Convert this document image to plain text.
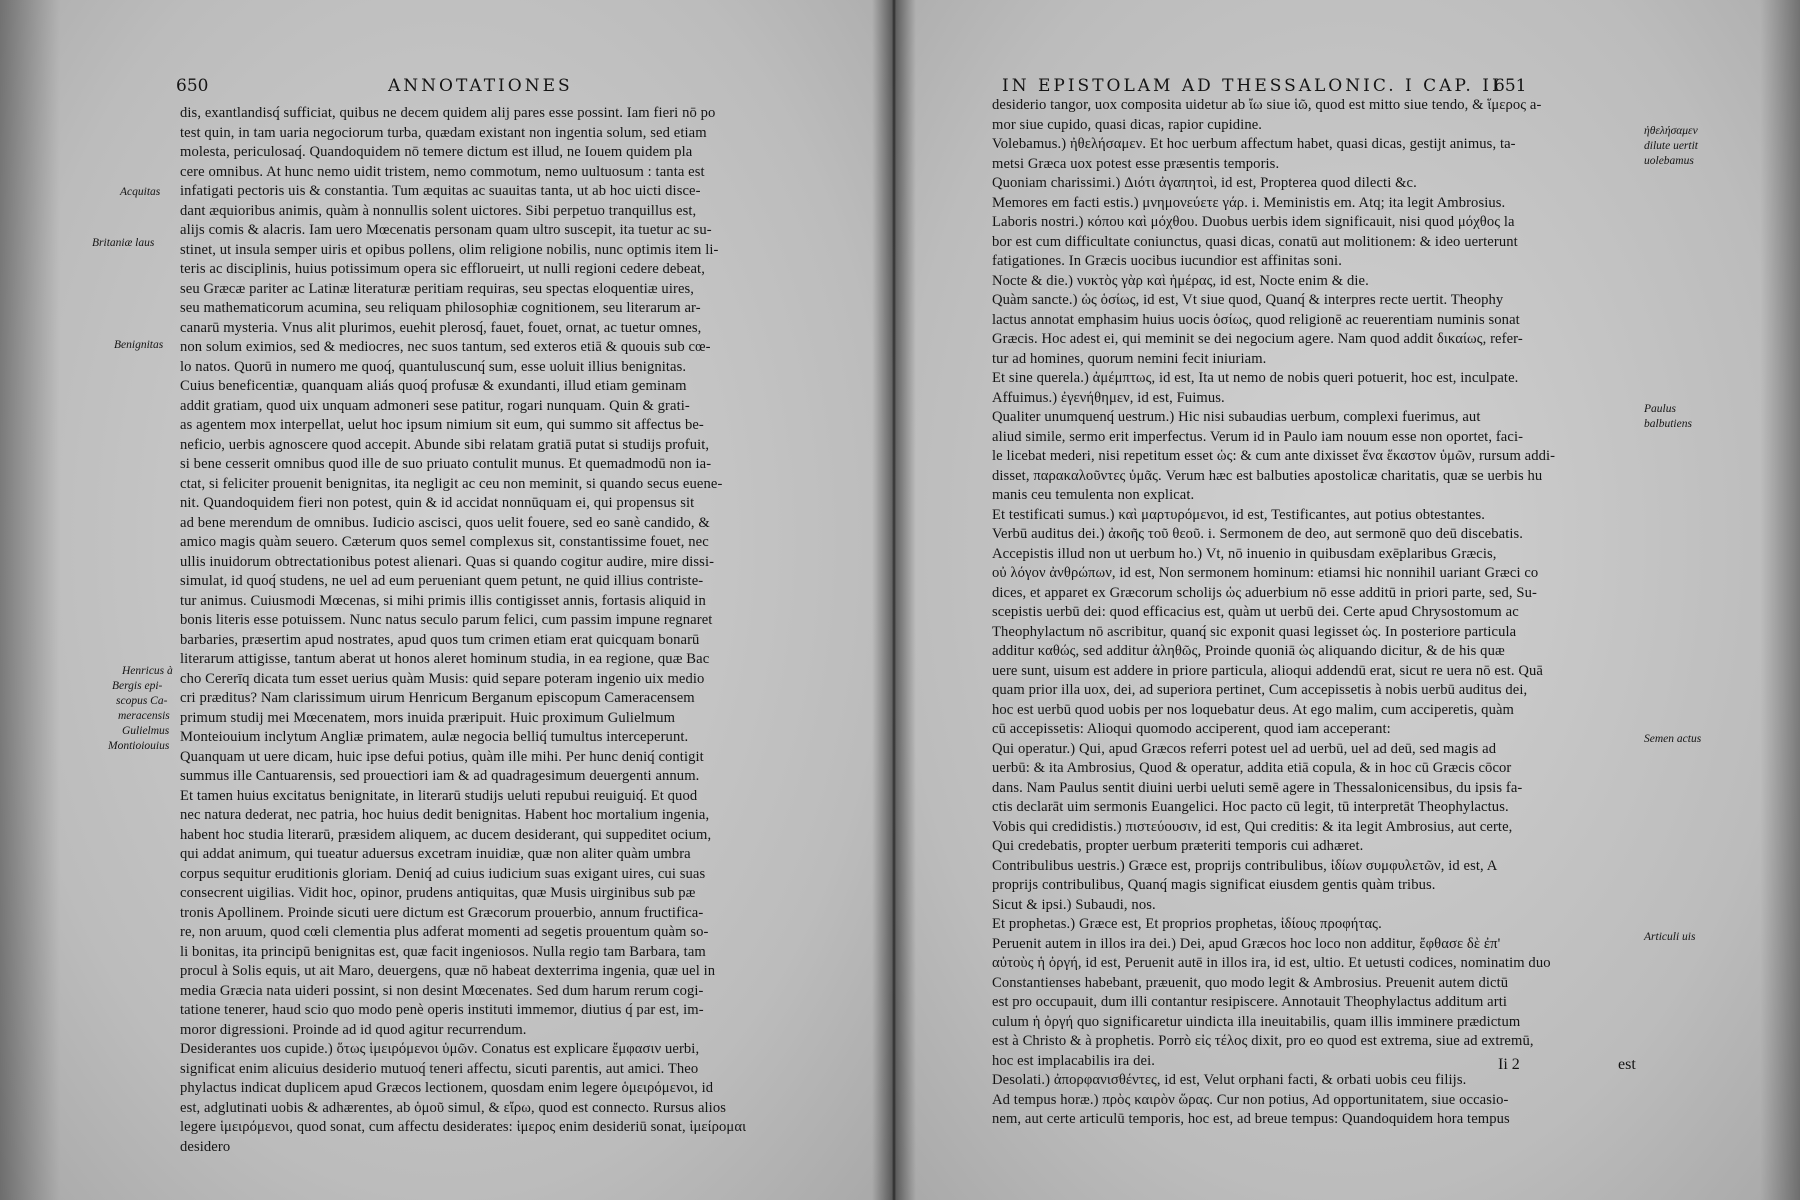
650	ANNOTATIONES
dis, exantlandisq́ sufficiat, quibus ne decem quidem alij pares esse possint. Iam fieri nō po
test quin, in tam uaria negociorum turba, quædam existant non ingentia solum, sed etiam
molesta, periculosaq́. Quandoquidem nō temere dictum est illud, ne Iouem quidem pla
cere omnibus. At hunc nemo uidit tristem, nemo commotum, nemo uultuosum : tanta est
infatigati pectoris uis & constantia. Tum æquitas ac suauitas tanta, ut ab hoc uicti disce-
dant æquioribus animis, quàm à nonnullis solent uictores. Sibi perpetuo tranquillus est,
alijs comis & alacris. Iam uero Mœcenatis personam quam ultro suscepit, ita tuetur ac su-
stinet, ut insula semper uiris et opibus pollens, olim religione nobilis, nunc optimis item li-
teris ac disciplinis, huius potissimum opera sic efflorueirt, ut nulli regioni cedere debeat,
seu Græcæ pariter ac Latinæ literaturæ peritiam requiras, seu spectas eloquentiæ uires,
seu mathematicorum acumina, seu reliquam philosophiæ cognitionem, seu literarum ar-
canarū mysteria. Vnus alit plurimos, euehit plerosq́, fauet, fouet, ornat, ac tuetur omnes,
non solum eximios, sed & mediocres, nec suos tantum, sed exteros etiā & quouis sub cœ-
lo natos. Quorū in numero me quoq́, quantuluscunq́ sum, esse uoluit illius benignitas.
Cuius beneficentiæ, quanquam aliás quoq́ profusæ & exundanti, illud etiam geminam
addit gratiam, quod uix unquam admoneri sese patitur, rogari nunquam. Quin & grati-
as agentem mox interpellat, uelut hoc ipsum nimium sit eum, qui summo sit affectus be-
neficio, uerbis agnoscere quod accepit. Abunde sibi relatam gratiā putat si studijs profuit,
si bene cesserit omnibus quod ille de suo priuato contulit munus. Et quemadmodū non ia-
ctat, si feliciter prouenit benignitas, ita negligit ac ceu non meminit, si quando secus euene-
nit. Quandoquidem fieri non potest, quin & id accidat nonnūquam ei, qui propensus sit
ad bene merendum de omnibus. Iudicio ascisci, quos uelit fouere, sed eo sanè candido, &
amico magis quàm seuero. Cæterum quos semel complexus sit, constantissime fouet, nec
ullis inuidorum obtrectationibus potest alienari. Quas si quando cogitur audire, mire dissi-
simulat, id quoq́ studens, ne uel ad eum perueniant quem petunt, ne quid illius contriste-
tur animus. Cuiusmodi Mœcenas, si mihi primis illis contigisset annis, fortasis aliquid in
bonis literis esse potuissem. Nunc natus seculo parum felici, cum passim impune regnaret
barbaries, præsertim apud nostrates, apud quos tum crimen etiam erat quicquam bonarū
literarum attigisse, tantum aberat ut honos aleret hominum studia, in ea regione, quæ Bac
cho Cererīq dicata tum esset uerius quàm Musis: quid separe poteram ingenio uix medio
cri præditus? Nam clarissimum uirum Henricum Berganum episcopum Cameracensem
primum studij mei Mœcenatem, mors inuida præripuit. Huic proximum Gulielmum
Monteiouium inclytum Angliæ primatem, aulæ negocia belliq́ tumultus interceperunt.
Quanquam ut uere dicam, huic ipse defui potius, quàm ille mihi. Per hunc deniq́ contigit
summus ille Cantuarensis, sed prouectiori iam & ad quadragesimum deuergenti annum.
Et tamen huius excitatus benignitate, in literarū studijs ueluti repubui reuiguiq́. Et quod
nec natura dederat, nec patria, hoc huius dedit benignitas. Habent hoc mortalium ingenia,
habent hoc studia literarū, præsidem aliquem, ac ducem desiderant, qui suppeditet ocium,
qui addat animum, qui tueatur aduersus excetram inuidiæ, quæ non aliter quàm umbra
corpus sequitur eruditionis gloriam. Deniq́ ad cuius iudicium suas exigant uires, cui suas
consecrent uigilias. Vidit hoc, opinor, prudens antiquitas, quæ Musis uirginibus sub pæ
tronis Apollinem. Proinde sicuti uere dictum est Græcorum prouerbio, annum fructifica-
re, non aruum, quod cœli clementia plus adferat momenti ad segetis prouentum quàm so-
li bonitas, ita principū benignitas est, quæ facit ingeniosos. Nulla regio tam Barbara, tam
procul à Solis equis, ut ait Maro, deuergens, quæ nō habeat dexterrima ingenia, quæ uel in
media Græcia nata uideri possint, si non desint Mœcenates. Sed dum harum rerum cogi-
tatione tenerer, haud scio quo modo penè operis instituti immemor, diutius q́ par est, im-
moror digressioni. Proinde ad id quod agitur recurrendum.
Desiderantes uos cupide.) ὅτως ἱμειρόμενοι ὑμῶν. Conatus est explicare ἔμφασιν uerbi,
significat enim alicuius desiderio mutuoq́ teneri affectu, sicuti parentis, aut amici. Theo
phylactus indicat duplicem apud Græcos lectionem, quosdam enim legere ὁμειρόμενοι, id
est, adglutinati uobis & adhærentes, ab ὁμοῦ simul, & εἴρω, quod est connecto. Rursus alios
legere ἱμειρόμενοι, quod sonat, cum affectu desiderates: ἱμερος enim desideriū sonat, ἱμείρομαι
desidero
Acquitas
Britaniæ laus
Benignitas
Henricus à
Bergis epi-
scopus Ca-
meracensis
Gulielmus
Montioiouius
IN EPISTOLAM AD THESSALONIC. I CAP. II
651
desiderio tangor, uox composita uidetur ab ἴω siue ἱῶ, quod est mitto siue tendo, & ἵμερος a-
mor siue cupido, quasi dicas, rapior cupidine.
Volebamus.) ἠθελήσαμεν. Et hoc uerbum affectum habet, quasi dicas, gestijt animus, ta-
metsi Græca uox potest esse præsentis temporis.
Quoniam charissimi.) Διότι ἀγαπητοὶ, id est, Propterea quod dilecti &c.
Memores em facti estis.) μνημονεύετε γάρ. i. Meministis em. Atq; ita legit Ambrosius.
Laboris nostri.) κόπου καὶ μόχθου. Duobus uerbis idem significauit, nisi quod μόχθος la
bor est cum difficultate coniunctus, quasi dicas, conatū aut molitionem: & ideo uerterunt
fatigationes. In Græcis uocibus iucundior est affinitas soni.
Nocte & die.) νυκτὸς γὰρ καὶ ἡμέρας, id est, Nocte enim & die.
Quàm sancte.) ὡς ὁσίως, id est, Vt siue quod, Quanq́ & interpres recte uertit. Theophy
lactus annotat emphasim huius uocis ὁσίως, quod religionē ac reuerentiam numinis sonat
Græcis. Hoc adest ei, qui meminit se dei negocium agere. Nam quod addit δικαίως, refer-
tur ad homines, quorum nemini fecit iniuriam.
Et sine querela.) ἀμέμπτως, id est, Ita ut nemo de nobis queri potuerit, hoc est, inculpate.
Affuimus.) ἐγενήθημεν, id est, Fuimus.
Qualiter unumquenq́ uestrum.) Hic nisi subaudias uerbum, complexi fuerimus, aut
aliud simile, sermo erit imperfectus. Verum id in Paulo iam nouum esse non oportet, faci-
le licebat mederi, nisi repetitum esset ὡς: & cum ante dixisset ἕνα ἕκαστον ὑμῶν, rursum addi-
disset, παρακαλοῦντες ὑμᾶς. Verum hæc est balbuties apostolicæ charitatis, quæ se uerbis hu
manis ceu temulenta non explicat.
Et testificati sumus.) καὶ μαρτυρόμενοι, id est, Testificantes, aut potius obtestantes.
Verbū auditus dei.) ἀκοῆς τοῦ θεοῦ. i. Sermonem de deo, aut sermonē quo deū discebatis.
Accepistis illud non ut uerbum ho.) Vt, nō inuenio in quibusdam exēplaribus Græcis,
οὐ λόγον ἀνθρώπων, id est, Non sermonem hominum: etiamsi hic nonnihil uariant Græci co
dices, et apparet ex Græcorum scholijs ὡς aduerbium nō esse additū in priori parte, sed, Su-
scepistis uerbū dei: quod efficacius est, quàm ut uerbū dei. Certe apud Chrysostomum ac
Theophylactum nō ascribitur, quanq́ sic exponit quasi legisset ὡς. In posteriore particula
additur καθώς, sed additur ἀληθῶς, Proinde quoniā ὡς aliquando dicitur, & de his quæ
uere sunt, uisum est addere in priore particula, alioqui addendū erat, sicut re uera nō est. Quā
quam prior illa uox, dei, ad superiora pertinet, Cum accepissetis à nobis uerbū auditus dei,
hoc est uerbū quod uobis per nos loquebatur deus. At ego malim, cum acciperetis, quàm
cū accepissetis: Alioqui quomodo acciperent, quod iam acceperant:
Qui operatur.) Qui, apud Græcos referri potest uel ad uerbū, uel ad deū, sed magis ad
uerbū: & ita Ambrosius, Quod & operatur, addita etiā copula, & in hoc cū Græcis cōcor
dans. Nam Paulus sentit diuini uerbi ueluti semē agere in Thessalonicensibus, du ipsis fa-
ctis declarāt uim sermonis Euangelici. Hoc pacto cū legit, tū interpretāt Theophylactus.
Vobis qui credidistis.) πιστεύουσιν, id est, Qui creditis: & ita legit Ambrosius, aut certe,
Qui credebatis, propter uerbum præteriti temporis cui adhæret.
Contribulibus uestris.) Græce est, proprijs contribulibus, ἰδίων συμφυλετῶν, id est, A
proprijs contribulibus, Quanq́ magis significat eiusdem gentis quàm tribus.
Sicut & ipsi.) Subaudi, nos.
Et prophetas.) Græce est, Et proprios prophetas, ἰδίους προφήτας.
Peruenit autem in illos ira dei.) Dei, apud Græcos hoc loco non additur, ἔφθασε δὲ ἐπ'
αὐτοὺς ἡ ὀργή, id est, Peruenit autē in illos ira, id est, ultio. Et uetusti codices, nominatim duo
Constantienses habebant, præuenit, quo modo legit & Ambrosius. Preuenit autem dictū
est pro occupauit, dum illi contantur resipiscere. Annotauit Theophylactus additum arti
culum ἡ ὀργή quo significaretur uindicta illa ineuitabilis, quam illis imminere prædictum
est à Christo & à prophetis. Porrò εἰς τέλος dixit, pro eo quod est extrema, siue ad extremū,
hoc est implacabilis ira dei.
Desolati.) ἀπορφανισθέντες, id est, Velut orphani facti, & orbati uobis ceu filijs.
Ad tempus horæ.) πρὸς καιρὸν ὥρας. Cur non potius, Ad opportunitatem, siue occasio-
nem, aut certe articulū temporis, hoc est, ad breue tempus: Quandoquidem hora tempus
ἠθελήσαμεν
dilute uertit
uolebamus
Paulus
balbutiens
Semen actus
Articuli uis
Ii 2	est
